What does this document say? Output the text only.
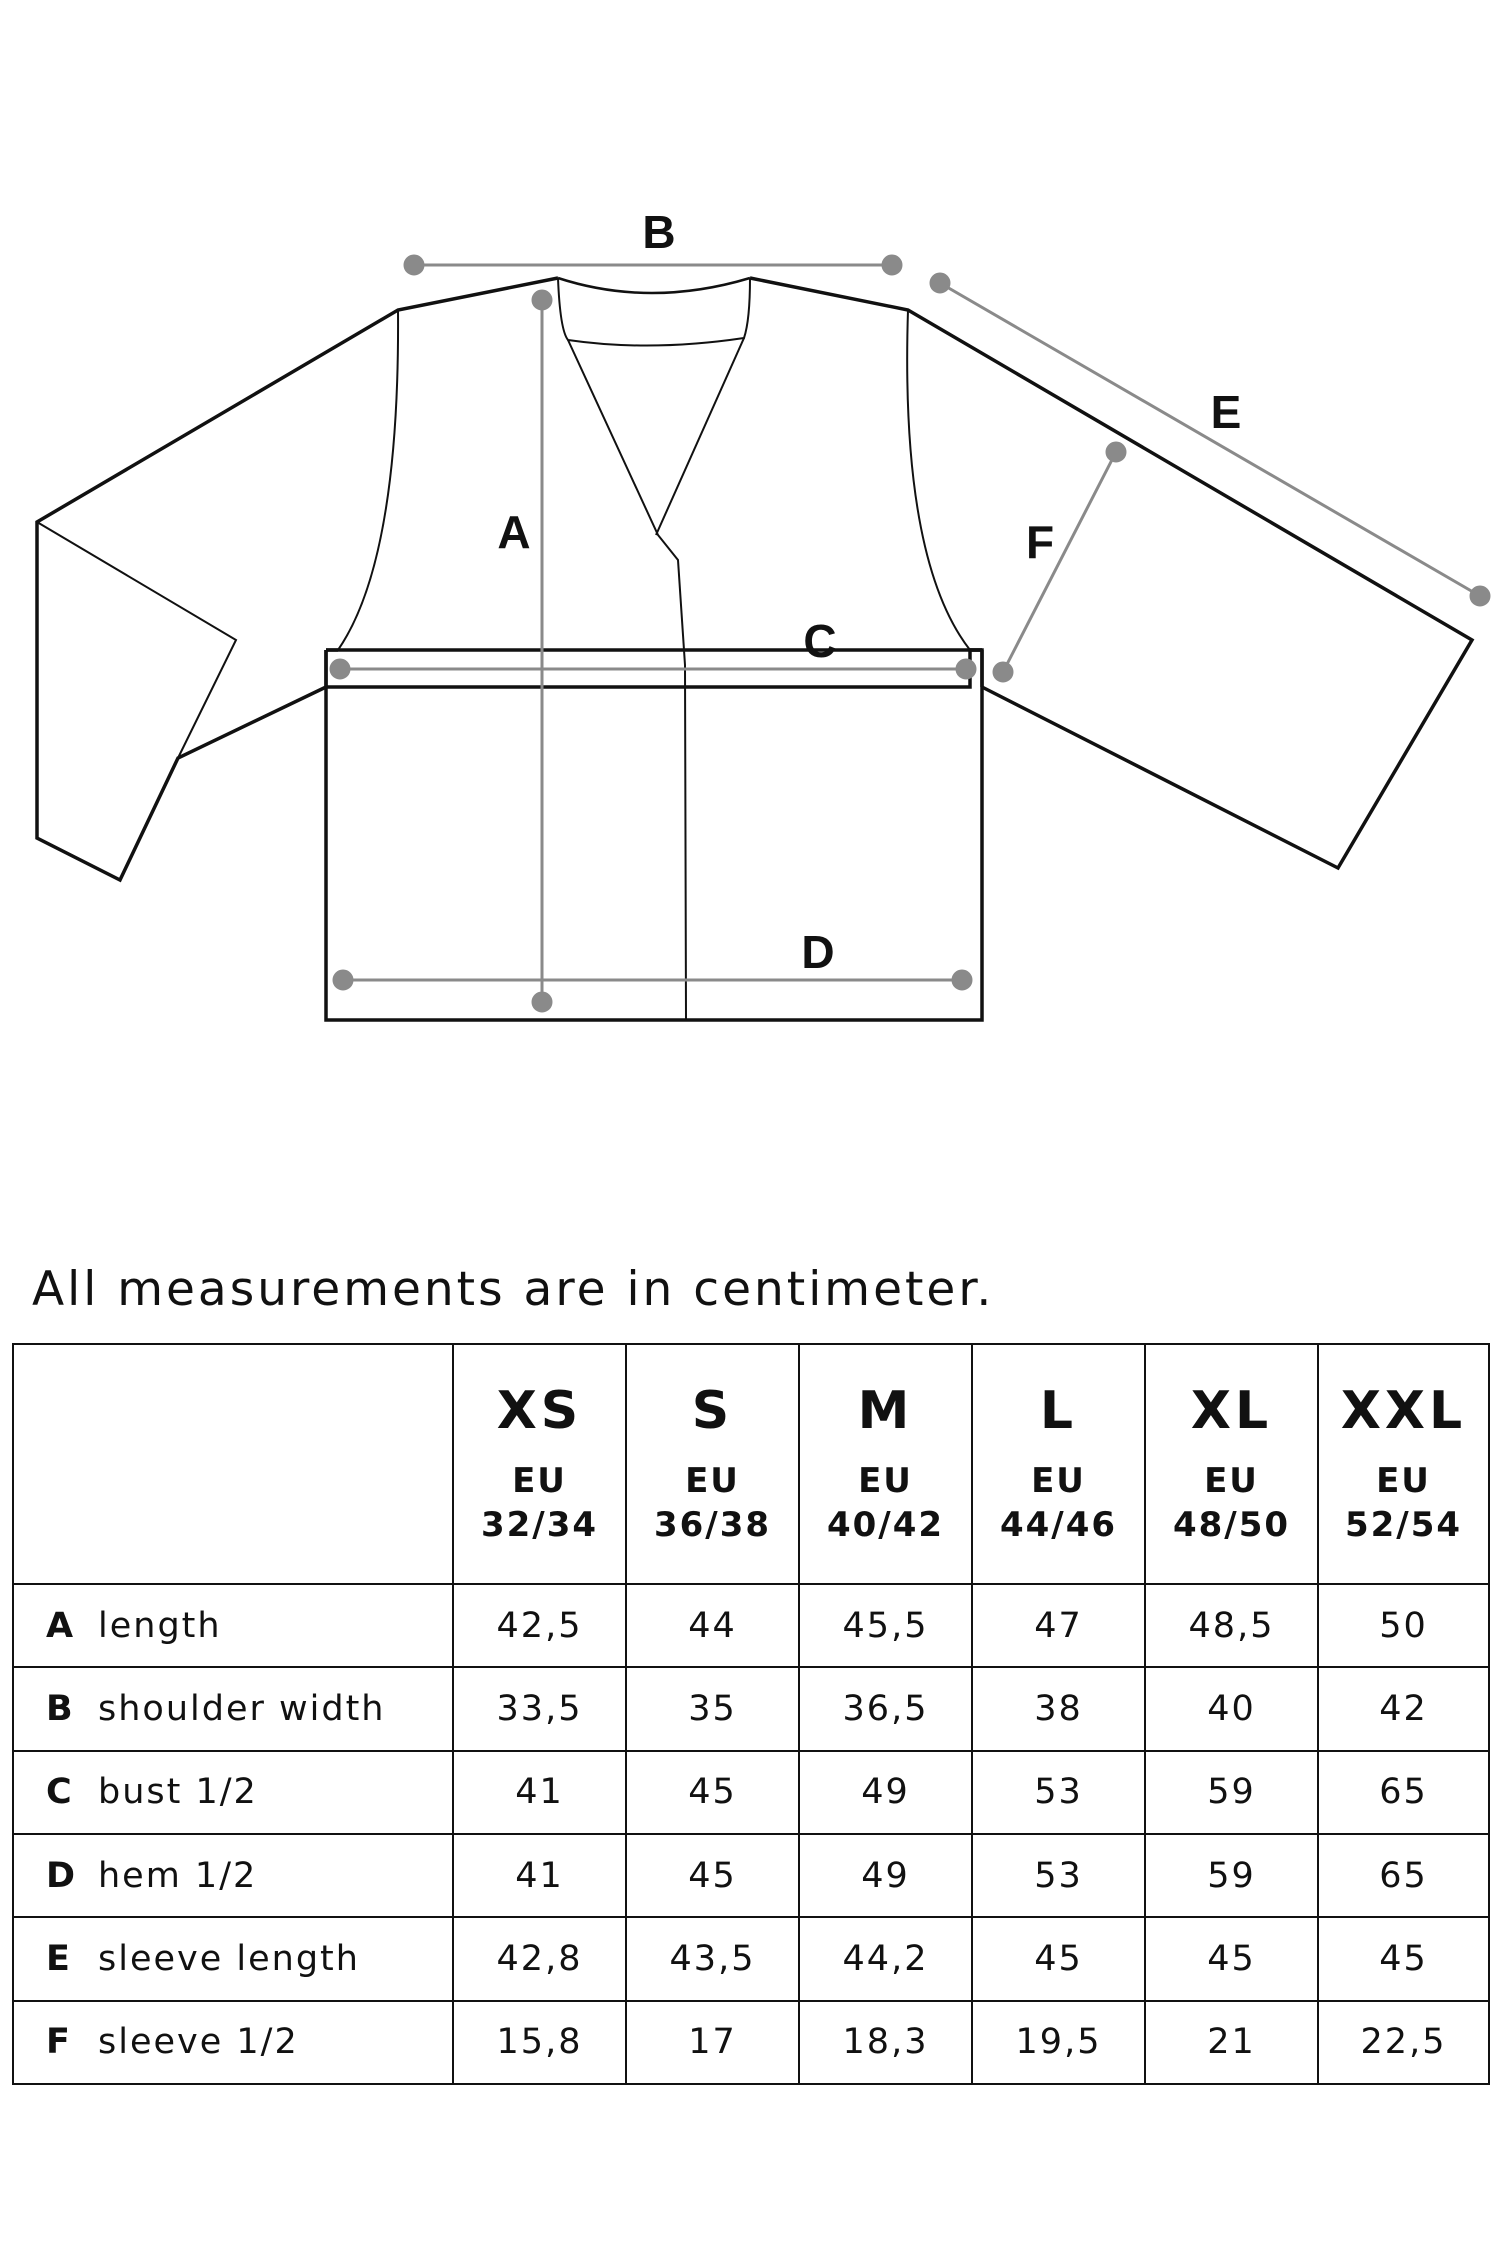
B
A
C
D
E
F

All measurements are in centimeter.

	XS
EU
32/34	S
EU
36/38	M
EU
40/42	L
EU
44/46	XL
EU
48/50	XXL
EU
52/54

A length	42,5	44	45,5	47	48,5	50
B shoulder width	33,5	35	36,5	38	40	42
C bust 1/2	41	45	49	53	59	65
D hem 1/2	41	45	49	53	59	65
E sleeve length	42,8	43,5	44,2	45	45	45
F sleeve 1/2	15,8	17	18,3	19,5	21	22,5
